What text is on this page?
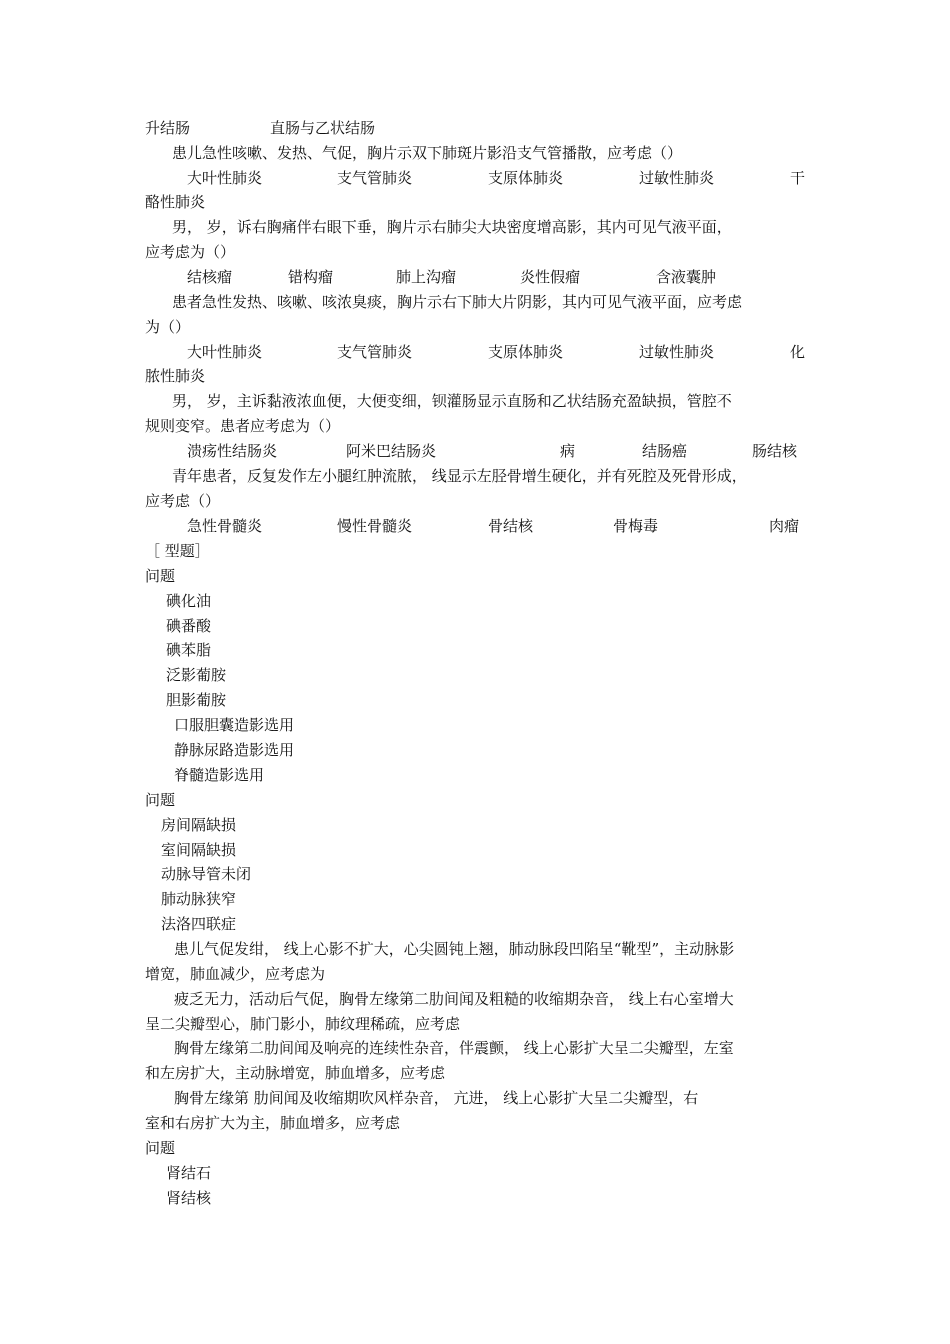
升结肠	直肠与乙状结肠
患儿急性咳嗽、发热、气促，胸片示双下肺斑片影沿支气管播散，应考虑（）
大叶性肺炎	支气管肺炎	支原体肺炎	过敏性肺炎	干
酪性肺炎
男， 岁，诉右胸痛伴右眼下垂，胸片示右肺尖大块密度增高影，其内可见气液平面，
应考虑为（）
结核瘤	错构瘤	肺上沟瘤	炎性假瘤	含液囊肿
患者急性发热、咳嗽、咳浓臭痰，胸片示右下肺大片阴影，其内可见气液平面，应考虑
为（）
大叶性肺炎	支气管肺炎	支原体肺炎	过敏性肺炎	化
脓性肺炎
男， 岁，主诉黏液浓血便，大便变细，钡灌肠显示直肠和乙状结肠充盈缺损，管腔不
规则变窄。患者应考虑为（）
溃疡性结肠炎	阿米巴结肠炎	病	结肠癌	肠结核
青年患者，反复发作左小腿红肿流脓， 线显示左胫骨增生硬化，并有死腔及死骨形成，
应考虑（）
急性骨髓炎	慢性骨髓炎	骨结核	骨梅毒	肉瘤
［ 型题］
问题
碘化油
碘番酸
碘苯脂
泛影葡胺
胆影葡胺
口服胆囊造影选用
静脉尿路造影选用
脊髓造影选用
问题
房间隔缺损
室间隔缺损
动脉导管未闭
肺动脉狭窄
法洛四联症
患儿气促发绀， 线上心影不扩大，心尖圆钝上翘，肺动脉段凹陷呈“靴型”，主动脉影
增宽，肺血减少，应考虑为
疲乏无力，活动后气促，胸骨左缘第二肋间闻及粗糙的收缩期杂音， 线上右心室增大
呈二尖瓣型心，肺门影小，肺纹理稀疏，应考虑
胸骨左缘第二肋间闻及响亮的连续性杂音，伴震颤， 线上心影扩大呈二尖瓣型，左室
和左房扩大，主动脉增宽，肺血增多，应考虑
胸骨左缘第 肋间闻及收缩期吹风样杂音， 亢进， 线上心影扩大呈二尖瓣型，右
室和右房扩大为主，肺血增多，应考虑
问题
肾结石
肾结核
